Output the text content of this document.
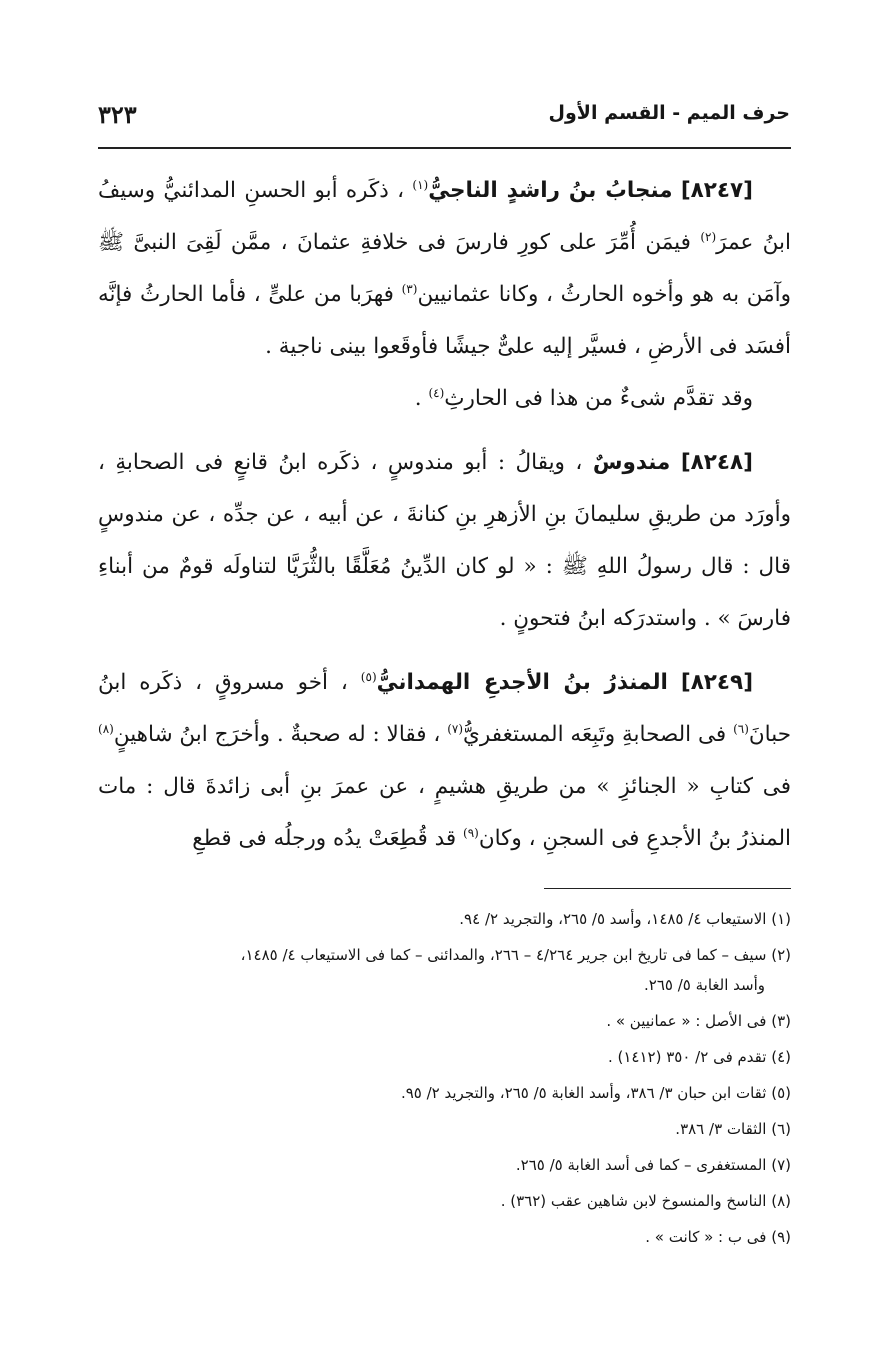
حرف الميم - القسم الأول
٣٢٣

[٨٢٤٧] منجابُ بنُ راشدٍ الناجيُّ$^{(١)}$ ، ذكَره أبو الحسنِ المدائنيُّ وسيفُ ابنُ عمرَ$^{(٢)}$ فيمَن أُمِّرَ على كورِ فارسَ فى خلافةِ عثمانَ ، ممَّن لَقِىَ النبىَّ ﷺ وآمَن به هو وأخوه الحارثُ ، وكانا عثمانيين$^{(٣)}$ فهرَبا من علىٍّ ، فأما الحارثُ فإنَّه أفسَد فى الأرضِ ، فسيَّر إليه علىٌّ جيشًا فأوقَعوا بينى ناجية .

وقد تقدَّم شىءٌ من هذا فى الحارثِ$^{(٤)}$ .

[٨٢٤٨] مندوسٌ ، ويقالُ : أبو مندوسٍ ، ذكَره ابنُ قانعٍ فى الصحابةِ ، وأورَد من طريقِ سليمانَ بنِ الأزهرِ بنِ كنانةَ ، عن أبيه ، عن جدِّه ، عن مندوسٍ قال : قال رسولُ اللهِ ﷺ : « لو كان الدِّينُ مُعَلَّقًا بالثُّرَيَّا لتناولَه قومٌ من أبناءِ فارسَ » . واستدرَكه ابنُ فتحونٍ .

[٨٢٤٩] المنذرُ بنُ الأجدعِ الهمدانيُّ$^{(٥)}$ ، أخو مسروقٍ ، ذكَره ابنُ حبانَ$^{(٦)}$ فى الصحابةِ وتَبِعَه المستغفريُّ$^{(٧)}$ ، فقالا : له صحبةٌ . وأخرَج ابنُ شاهينٍ$^{(٨)}$ فى كتابِ « الجنائزِ » من طريقِ هشيمٍ ، عن عمرَ بنِ أبى زائدةَ قال : مات المنذرُ بنُ الأجدعِ فى السجنِ ، وكان$^{(٩)}$ قد قُطِعَتْ يدُه ورجلُه فى قطعِ

(١) الاستيعاب ٤/ ١٤٨٥، وأسد ٥/ ٢٦٥، والتجريد ٢/ ٩٤.

(٢) سيف – كما فى تاريخ ابن جرير ٤/٢٦٤ – ٢٦٦، والمدائنى – كما فى الاستيعاب ٤/ ١٤٨٥،
وأسد الغابة ٥/ ٢٦٥.

(٣) فى الأصل : « عمانيين » .

(٤) تقدم فى ٢/ ٣٥٠ (١٤١٢) .

(٥) ثقات ابن حبان ٣/ ٣٨٦، وأسد الغابة ٥/ ٢٦٥، والتجريد ٢/ ٩٥.

(٦) الثقات ٣/ ٣٨٦.

(٧) المستغفرى – كما فى أسد الغابة ٥/ ٢٦٥.

(٨) الناسخ والمنسوخ لابن شاهين عقب (٣٦٢) .

(٩) فى ب : « كانت » .
